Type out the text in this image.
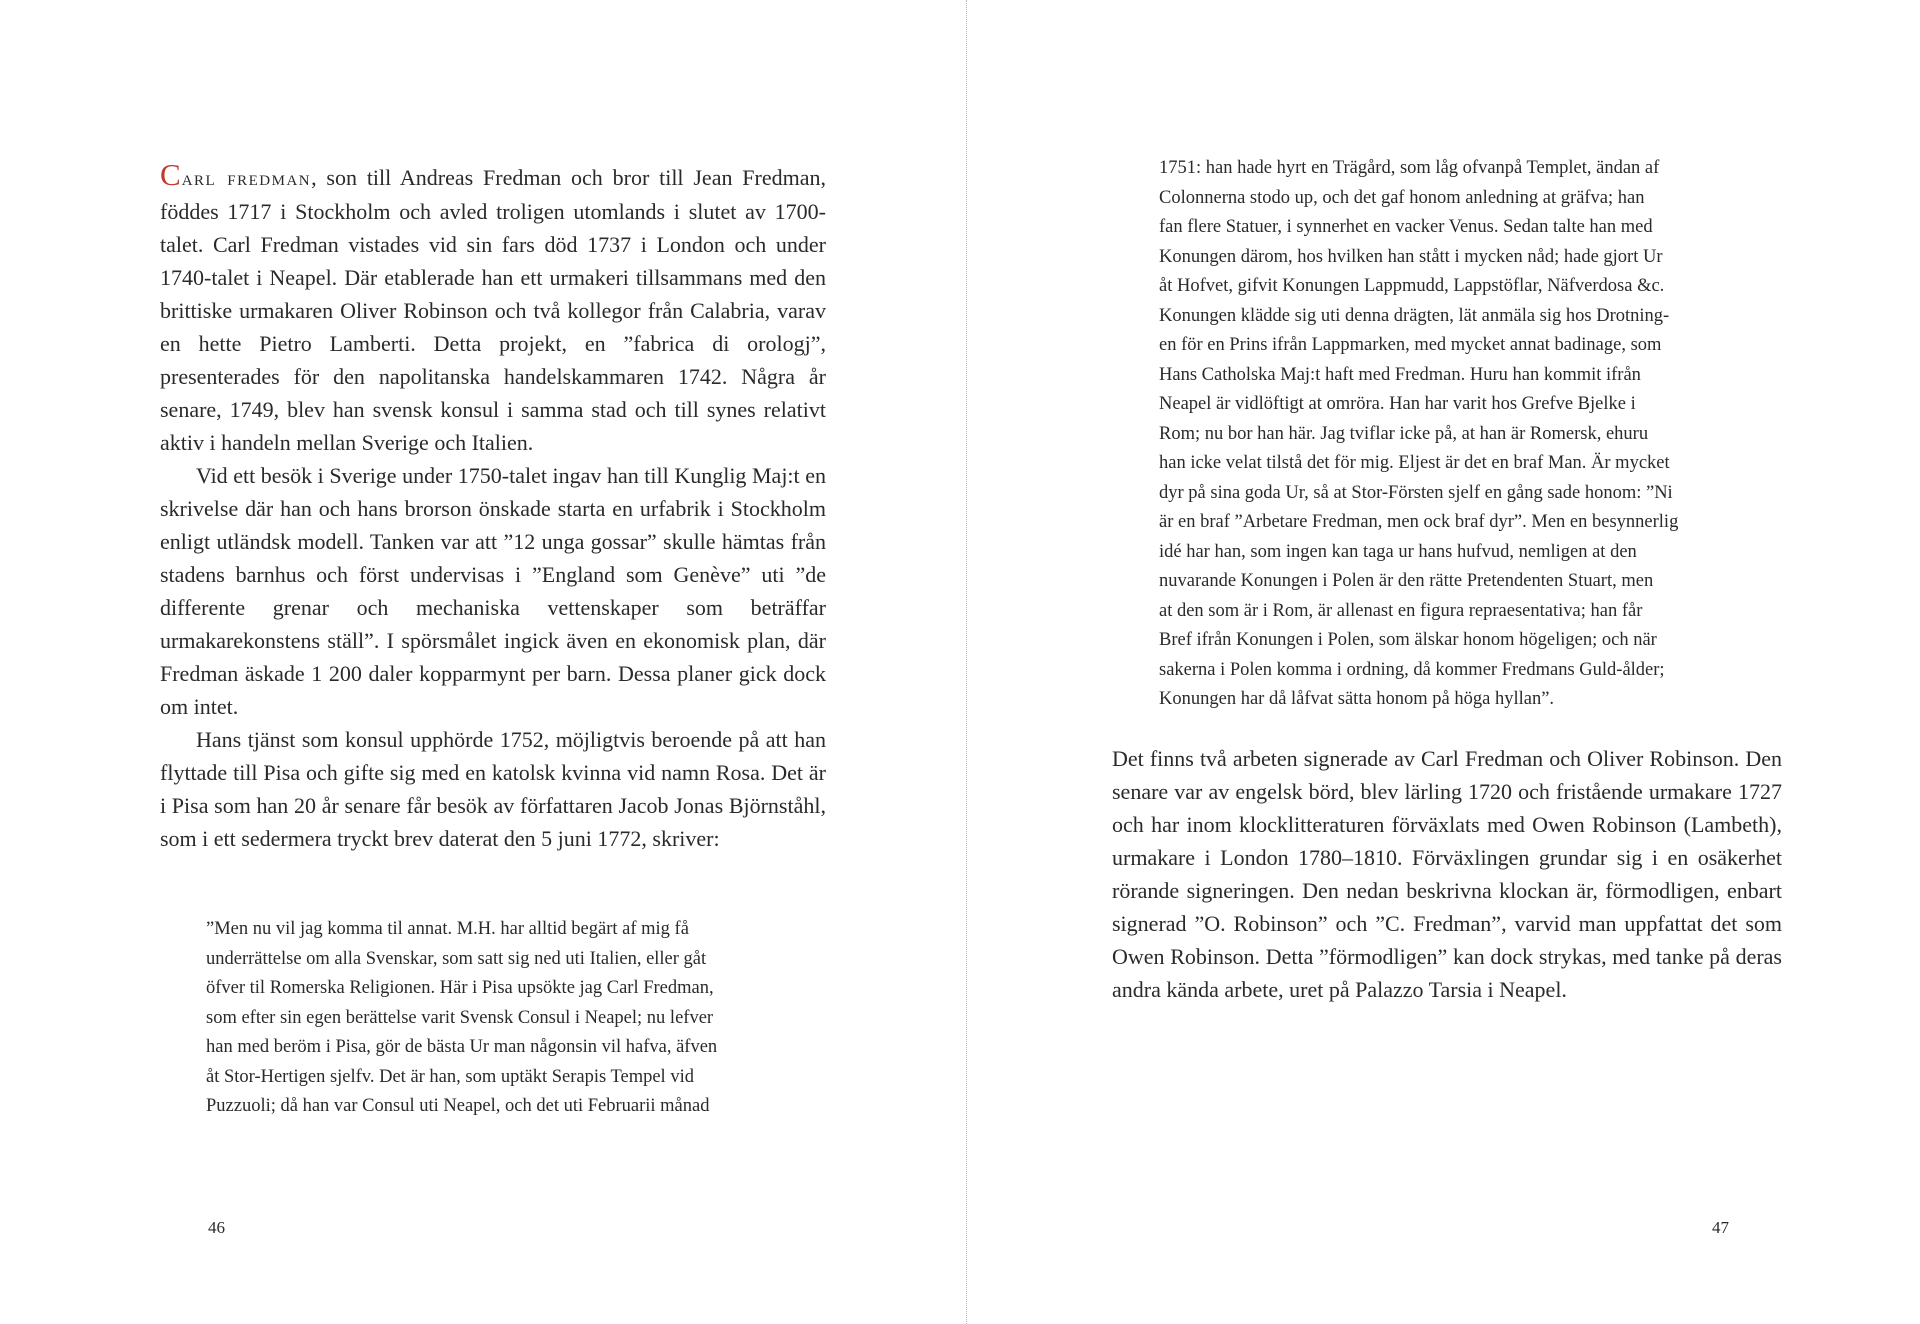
Carl fredman, son till Andreas Fredman och bror till Jean Fredman, föddes 1717 i Stockholm och avled troligen utomlands i slutet av 1700-talet. Carl Fredman vistades vid sin fars död 1737 i London och under 1740-talet i Neapel. Där etablerade han ett urmakeri tillsammans med den brittiske urmakaren Oliver Robinson och två kollegor från Calabria, varav en hette Pietro Lamberti. Detta projekt, en ”fabrica di orologj”, presenterades för den napolitanska handelskammaren 1742. Några år senare, 1749, blev han svensk konsul i samma stad och till synes relativt aktiv i handeln mellan Sverige och Italien.

Vid ett besök i Sverige under 1750-talet ingav han till Kunglig Maj:t en skrivelse där han och hans brorson önskade starta en urfabrik i Stockholm enligt utländsk modell. Tanken var att ”12 unga gossar” skulle hämtas från stadens barnhus och först undervisas i ”England som Genève” uti ”de differente grenar och mechaniska vettenskaper som beträffar urmakarekonstens ställ”. I spörsmålet ingick även en ekonomisk plan, där Fredman äskade 1 200 daler kopparmynt per barn. Dessa planer gick dock om intet.

Hans tjänst som konsul upphörde 1752, möjligtvis beroende på att han flyttade till Pisa och gifte sig med en katolsk kvinna vid namn Rosa. Det är i Pisa som han 20 år senare får besök av författaren Jacob Jonas Björnståhl, som i ett sedermera tryckt brev daterat den 5 juni 1772, skriver:

”Men nu vil jag komma til annat. M.H. har alltid begärt af mig få
underrättelse om alla Svenskar, som satt sig ned uti Italien, eller gåt
öfver til Romerska Religionen. Här i Pisa upsökte jag Carl Fredman,
som efter sin egen berättelse varit Svensk Consul i Neapel; nu lefver
han med beröm i Pisa, gör de bästa Ur man någonsin vil hafva, äfven
åt Stor-Hertigen sjelfv. Det är han, som uptäkt Serapis Tempel vid
Puzzuoli; då han var Consul uti Neapel, och det uti Februarii månad
46
1751: han hade hyrt en Trägård, som låg ofvanpå Templet, ändan af
Colonnerna stodo up, och det gaf honom anledning at gräfva; han
fan flere Statuer, i synnerhet en vacker Venus. Sedan talte han med
Konungen därom, hos hvilken han stått i mycken nåd; hade gjort Ur
åt Hofvet, gifvit Konungen Lappmudd, Lappstöflar, Näfverdosa &c.
Konungen klädde sig uti denna drägten, lät anmäla sig hos Drotning-
en för en Prins ifrån Lappmarken, med mycket annat badinage, som
Hans Catholska Maj:t haft med Fredman. Huru han kommit ifrån
Neapel är vidlöftigt at omröra. Han har varit hos Grefve Bjelke i
Rom; nu bor han här. Jag tviflar icke på, at han är Romersk, ehuru
han icke velat tilstå det för mig. Eljest är det en braf Man. Är mycket
dyr på sina goda Ur, så at Stor-Försten sjelf en gång sade honom: ”Ni
är en braf ”Arbetare Fredman, men ock braf dyr”. Men en besynnerlig
idé har han, som ingen kan taga ur hans hufvud, nemligen at den
nuvarande Konungen i Polen är den rätte Pretendenten Stuart, men
at den som är i Rom, är allenast en figura repraesentativa; han får
Bref ifrån Konungen i Polen, som älskar honom högeligen; och när
sakerna i Polen komma i ordning, då kommer Fredmans Guld-ålder;
Konungen har då låfvat sätta honom på höga hyllan”.

Det finns två arbeten signerade av Carl Fredman och Oliver Robinson. Den senare var av engelsk börd, blev lärling 1720 och fristående urmakare 1727 och har inom klocklitteraturen förväxlats med Owen Robinson (Lambeth), urmakare i London 1780–1810. Förväxlingen grundar sig i en osäkerhet rörande signeringen. Den nedan beskrivna klockan är, förmodligen, enbart signerad ”O. Robinson” och ”C. Fredman”, varvid man uppfattat det som Owen Robinson. Detta ”förmodligen” kan dock strykas, med tanke på deras andra kända arbete, uret på Palazzo Tarsia i Neapel.

47
